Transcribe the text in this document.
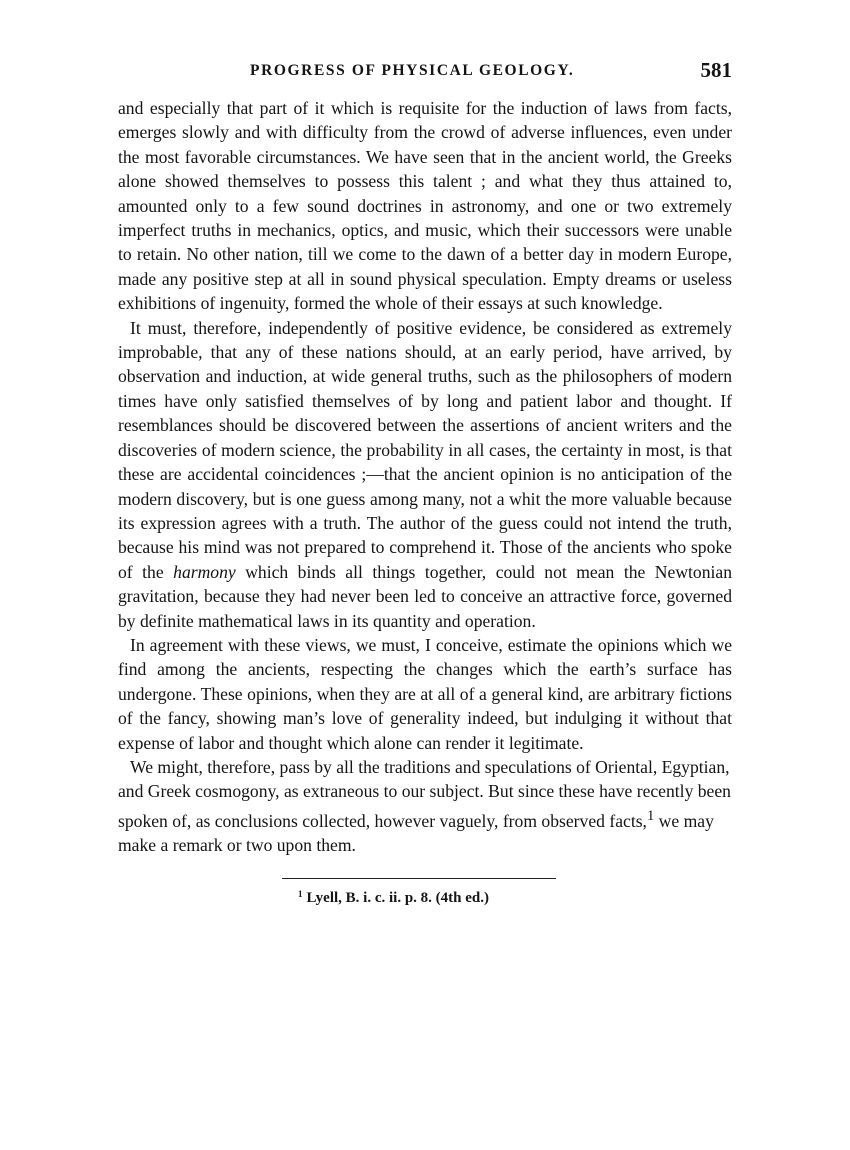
PROGRESS OF PHYSICAL GEOLOGY.	581

and especially that part of it which is requisite for the induction of laws from facts, emerges slowly and with difficulty from the crowd of adverse influences, even under the most favorable circumstances. We have seen that in the ancient world, the Greeks alone showed themselves to possess this talent ; and what they thus attained to, amounted only to a few sound doctrines in astronomy, and one or two extremely imperfect truths in mechanics, optics, and music, which their successors were unable to retain. No other nation, till we come to the dawn of a better day in modern Europe, made any positive step at all in sound physical speculation. Empty dreams or useless exhibitions of ingenuity, formed the whole of their essays at such knowledge.

It must, therefore, independently of positive evidence, be considered as extremely improbable, that any of these nations should, at an early period, have arrived, by observation and induction, at wide general truths, such as the philosophers of modern times have only satisfied themselves of by long and patient labor and thought. If resemblances should be discovered between the assertions of ancient writers and the discoveries of modern science, the probability in all cases, the certainty in most, is that these are accidental coincidences ;—that the ancient opinion is no anticipation of the modern discovery, but is one guess among many, not a whit the more valuable because its expression agrees with a truth. The author of the guess could not intend the truth, because his mind was not prepared to comprehend it. Those of the ancients who spoke of the harmony which binds all things together, could not mean the Newtonian gravitation, because they had never been led to conceive an attractive force, governed by definite mathematical laws in its quantity and operation.

In agreement with these views, we must, I conceive, estimate the opinions which we find among the ancients, respecting the changes which the earth’s surface has undergone. These opinions, when they are at all of a general kind, are arbitrary fictions of the fancy, showing man’s love of generality indeed, but indulging it without that expense of labor and thought which alone can render it legitimate.

We might, therefore, pass by all the traditions and speculations of Oriental, Egyptian, and Greek cosmogony, as extraneous to our subject. But since these have recently been spoken of, as conclusions collected, however vaguely, from observed facts,$^1$ we may make a remark or two upon them.

$^1$ Lyell, B. i. c. ii. p. 8. (4th ed.)
